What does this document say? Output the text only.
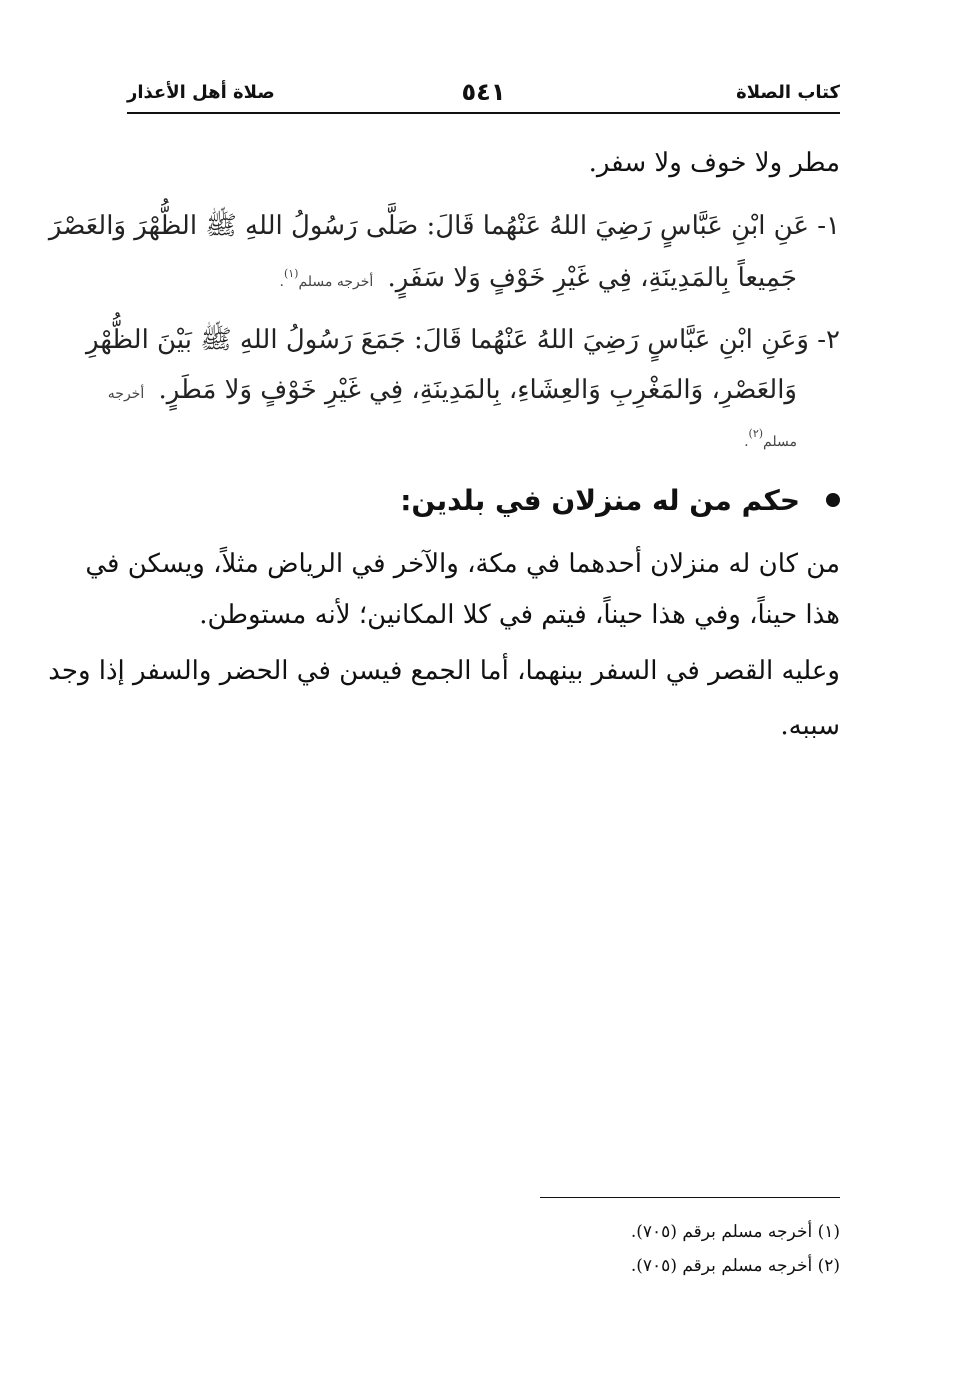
كتاب الصلاة
٥٤١
صلاة أهل الأعذار
مطر ولا خوف ولا سفر.
١- عَنِ ابْنِ عَبَّاسٍ رَضِيَ اللهُ عَنْهُما قَالَ: صَلَّى رَسُولُ اللهِ ﷺ الظُّهْرَ وَالعَصْرَ
جَمِيعاً بِالمَدِينَةِ، فِي غَيْرِ خَوْفٍ وَلا سَفَرٍ. أخرجه مسلم$^{(١)}$.
٢- وَعَنِ ابْنِ عَبَّاسٍ رَضِيَ اللهُ عَنْهُما قَالَ: جَمَعَ رَسُولُ اللهِ ﷺ بَيْنَ الظُّهْرِ
وَالعَصْرِ، وَالمَغْرِبِ وَالعِشَاءِ، بِالمَدِينَةِ، فِي غَيْرِ خَوْفٍ وَلا مَطَرٍ. أخرجه
مسلم$^{(٢)}$.
حكم من له منزلان في بلدين:
من كان له منزلان أحدهما في مكة، والآخر في الرياض مثلاً، ويسكن في
هذا حيناً، وفي هذا حيناً، فيتم في كلا المكانين؛ لأنه مستوطن.
وعليه القصر في السفر بينهما، أما الجمع فيسن في الحضر والسفر إذا وجد
سببه.
(١) أخرجه مسلم برقم (٧٠٥).
(٢) أخرجه مسلم برقم (٧٠٥).
